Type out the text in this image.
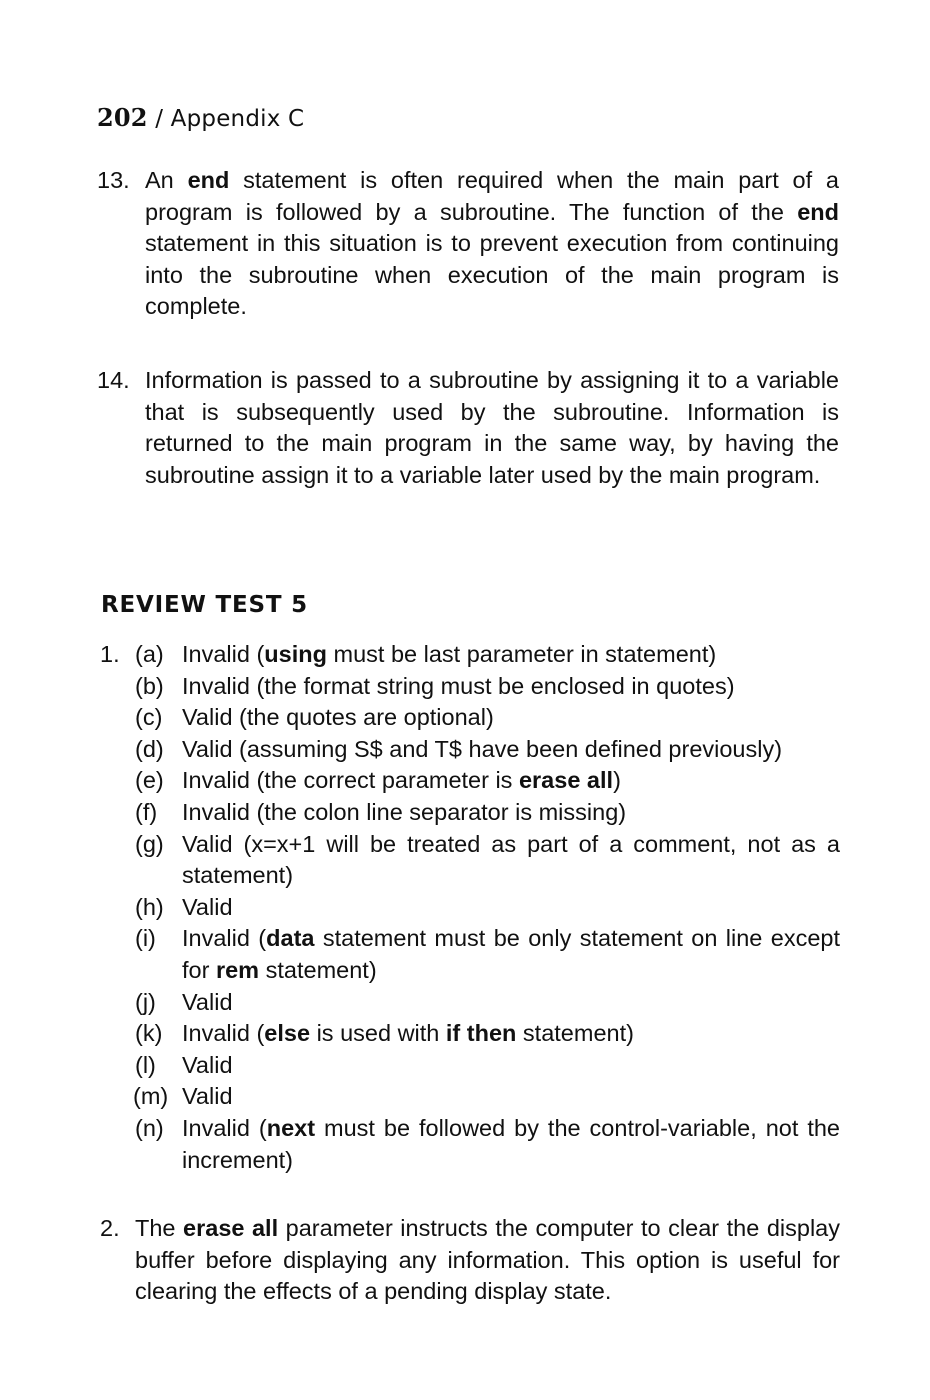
202 / Appendix C
13. An end statement is often required when the main part of a program is followed by a subroutine. The function of the end statement in this situation is to prevent execution from continuing into the subroutine when execution of the main program is complete.
14. Information is passed to a subroutine by assigning it to a variable that is subsequently used by the subroutine. Information is returned to the main program in the same way, by having the subroutine assign it to a variable later used by the main program.
REVIEW TEST 5
1. (a) Invalid (using must be last parameter in statement)
(b) Invalid (the format string must be enclosed in quotes)
(c) Valid (the quotes are optional)
(d) Valid (assuming S$ and T$ have been defined previously)
(e) Invalid (the correct parameter is erase all)
(f) Invalid (the colon line separator is missing)
(g) Valid (x=x+1 will be treated as part of a comment, not as a statement)
(h) Valid
(i) Invalid (data statement must be only statement on line except for rem statement)
(j) Valid
(k) Invalid (else is used with if then statement)
(l) Valid
(m) Valid
(n) Invalid (next must be followed by the control-variable, not the increment)
2. The erase all parameter instructs the computer to clear the display buffer before displaying any information. This option is useful for clearing the effects of a pending display state.
